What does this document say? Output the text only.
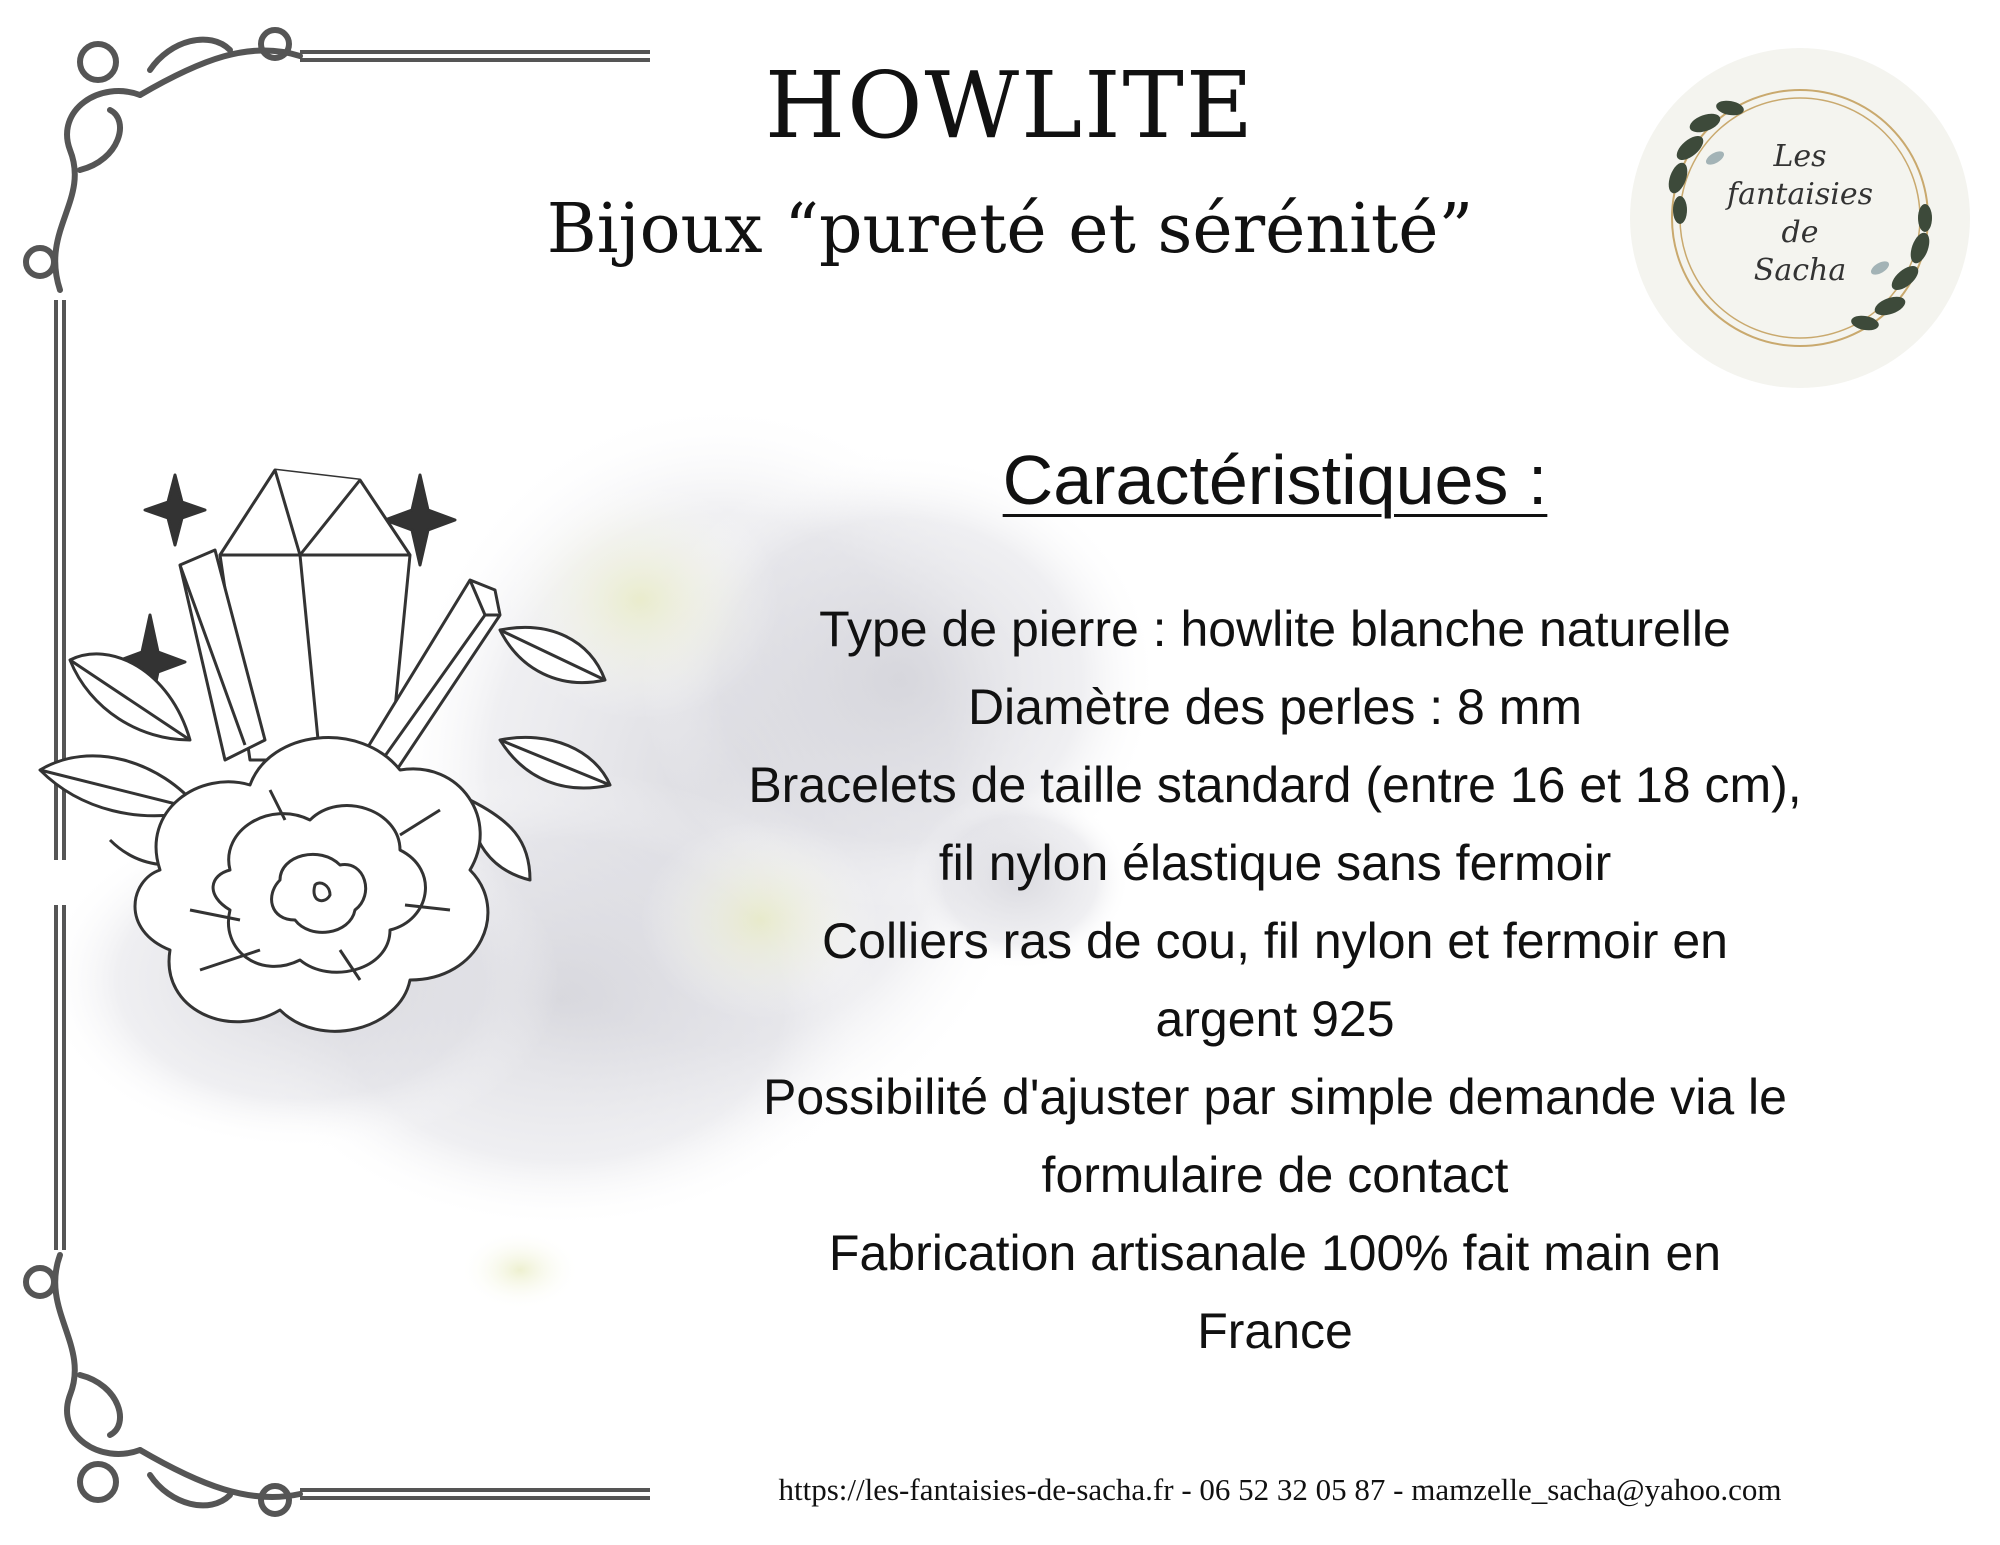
HOWLITE
Bijoux “pureté et sérénité”
Les
fantaisies
de
Sacha
Caractéristiques :
Type de pierre : howlite blanche naturelle
Diamètre des perles : 8 mm
Bracelets de taille standard (entre 16 et 18 cm),
fil nylon élastique sans fermoir
Colliers ras de cou, fil nylon et fermoir en
argent 925
Possibilité d'ajuster par simple demande via le
formulaire de contact
Fabrication artisanale 100% fait main en
France
https://les-fantaisies-de-sacha.fr - 06 52 32 05 87 - mamzelle_sacha@yahoo.com
